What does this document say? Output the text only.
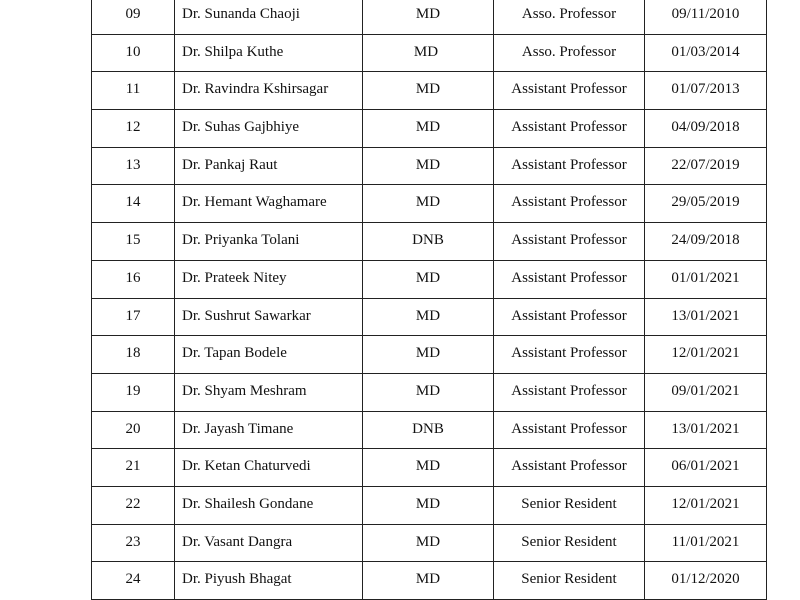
09	Dr. Sunanda Chaoji	MD	Asso. Professor	09/11/2010

10	Dr. Shilpa Kuthe	MD	Asso. Professor	01/03/2014

11	Dr. Ravindra Kshirsagar	MD	Assistant Professor	01/07/2013

12	Dr. Suhas Gajbhiye	MD	Assistant Professor	04/09/2018

13	Dr. Pankaj Raut	MD	Assistant Professor	22/07/2019

14	Dr. Hemant Waghamare	MD	Assistant Professor	29/05/2019

15	Dr. Priyanka Tolani	DNB	Assistant Professor	24/09/2018

16	Dr. Prateek Nitey	MD	Assistant Professor	01/01/2021

17	Dr. Sushrut Sawarkar	MD	Assistant Professor	13/01/2021

18	Dr. Tapan Bodele	MD	Assistant Professor	12/01/2021

19	Dr. Shyam Meshram	MD	Assistant Professor	09/01/2021

20	Dr. Jayash Timane	DNB	Assistant Professor	13/01/2021

21	Dr. Ketan Chaturvedi	MD	Assistant Professor	06/01/2021

22	Dr. Shailesh Gondane	MD	Senior Resident	12/01/2021

23	Dr. Vasant Dangra	MD	Senior Resident	11/01/2021

24	Dr. Piyush Bhagat	MD	Senior Resident	01/12/2020
